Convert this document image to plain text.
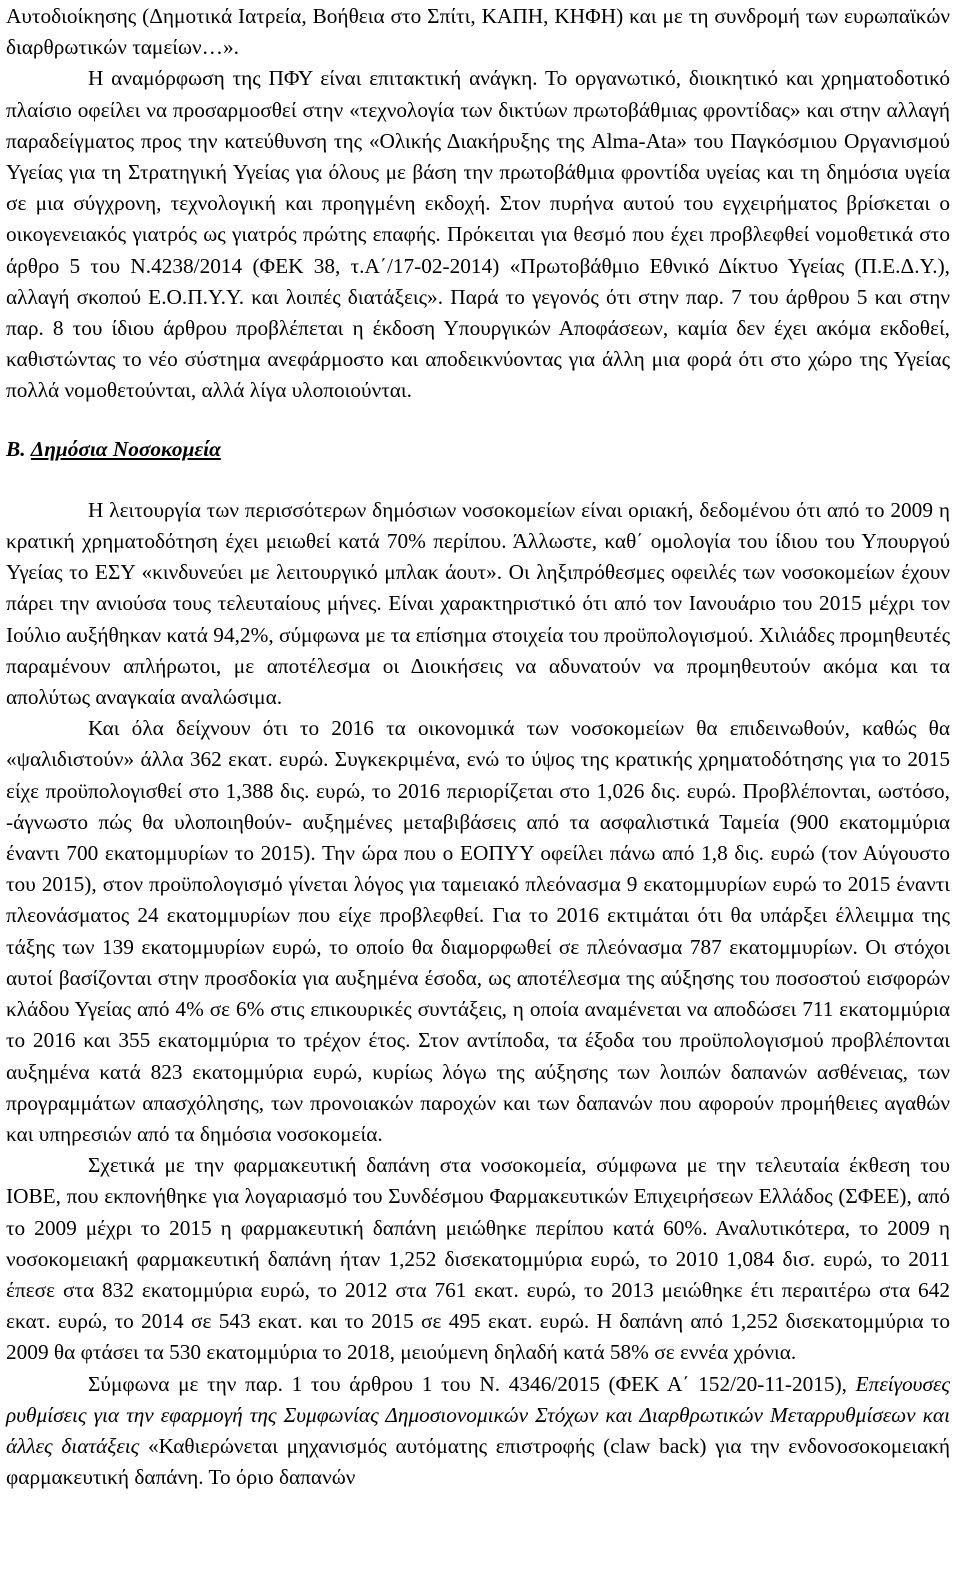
Αυτοδιοίκησης (Δημοτικά Ιατρεία, Βοήθεια στο Σπίτι, ΚΑΠΗ, ΚΗΦΗ) και με τη συνδρομή των ευρωπαϊκών διαρθρωτικών ταμείων…».

Η αναμόρφωση της ΠΦΥ είναι επιτακτική ανάγκη. Το οργανωτικό, διοικητικό και χρηματοδοτικό πλαίσιο οφείλει να προσαρμοσθεί στην «τεχνολογία των δικτύων πρωτοβάθμιας φροντίδας» και στην αλλαγή παραδείγματος προς την κατεύθυνση της «Ολικής Διακήρυξης της Alma-Ata» του Παγκόσμιου Οργανισμού Υγείας για τη Στρατηγική Υγείας για όλους με βάση την πρωτοβάθμια φροντίδα υγείας και τη δημόσια υγεία σε μια σύγχρονη, τεχνολογική και προηγμένη εκδοχή. Στον πυρήνα αυτού του εγχειρήματος βρίσκεται ο οικογενειακός γιατρός ως γιατρός πρώτης επαφής. Πρόκειται για θεσμό που έχει προβλεφθεί νομοθετικά στο άρθρο 5 του Ν.4238/2014 (ΦΕΚ 38, τ.Α΄/17-02-2014) «Πρωτοβάθμιο Εθνικό Δίκτυο Υγείας (Π.Ε.Δ.Υ.), αλλαγή σκοπού Ε.Ο.Π.Υ.Υ. και λοιπές διατάξεις». Παρά το γεγονός ότι στην παρ. 7 του άρθρου 5 και στην παρ. 8 του ίδιου άρθρου προβλέπεται η έκδοση Υπουργικών Αποφάσεων, καμία δεν έχει ακόμα εκδοθεί, καθιστώντας το νέο σύστημα ανεφάρμοστο και αποδεικνύοντας για άλλη μια φορά ότι στο χώρο της Υγείας πολλά νομοθετούνται, αλλά λίγα υλοποιούνται.

Β. Δημόσια Νοσοκομεία

Η λειτουργία των περισσότερων δημόσιων νοσοκομείων είναι οριακή, δεδομένου ότι από το 2009 η κρατική χρηματοδότηση έχει μειωθεί κατά 70% περίπου. Άλλωστε, καθ΄ ομολογία του ίδιου του Υπουργού Υγείας το ΕΣΥ «κινδυνεύει με λειτουργικό μπλακ άουτ». Οι ληξιπρόθεσμες οφειλές των νοσοκομείων έχουν πάρει την ανιούσα τους τελευταίους μήνες. Είναι χαρακτηριστικό ότι από τον Ιανουάριο του 2015 μέχρι τον Ιούλιο αυξήθηκαν κατά 94,2%, σύμφωνα με τα επίσημα στοιχεία του προϋπολογισμού. Χιλιάδες προμηθευτές παραμένουν απλήρωτοι, με αποτέλεσμα οι Διοικήσεις να αδυνατούν να προμηθευτούν ακόμα και τα απολύτως αναγκαία αναλώσιμα.

Και όλα δείχνουν ότι το 2016 τα οικονομικά των νοσοκομείων θα επιδεινωθούν, καθώς θα «ψαλιδιστούν» άλλα 362 εκατ. ευρώ. Συγκεκριμένα, ενώ το ύψος της κρατικής χρηματοδότησης για το 2015 είχε προϋπολογισθεί στο 1,388 δις. ευρώ, το 2016 περιορίζεται στο 1,026 δις. ευρώ. Προβλέπονται, ωστόσο, -άγνωστο πώς θα υλοποιηθούν- αυξημένες μεταβιβάσεις από τα ασφαλιστικά Ταμεία (900 εκατομμύρια έναντι 700 εκατομμυρίων το 2015). Την ώρα που ο ΕΟΠΥΥ οφείλει πάνω από 1,8 δις. ευρώ (τον Αύγουστο του 2015), στον προϋπολογισμό γίνεται λόγος για ταμειακό πλεόνασμα 9 εκατομμυρίων ευρώ το 2015 έναντι πλεονάσματος 24 εκατομμυρίων που είχε προβλεφθεί. Για το 2016 εκτιμάται ότι θα υπάρξει έλλειμμα της τάξης των 139 εκατομμυρίων ευρώ, το οποίο θα διαμορφωθεί σε πλεόνασμα 787 εκατομμυρίων. Οι στόχοι αυτοί βασίζονται στην προσδοκία για αυξημένα έσοδα, ως αποτέλεσμα της αύξησης του ποσοστού εισφορών κλάδου Υγείας από 4% σε 6% στις επικουρικές συντάξεις, η οποία αναμένεται να αποδώσει 711 εκατομμύρια το 2016 και 355 εκατομμύρια το τρέχον έτος. Στον αντίποδα, τα έξοδα του προϋπολογισμού προβλέπονται αυξημένα κατά 823 εκατομμύρια ευρώ, κυρίως λόγω της αύξησης των λοιπών δαπανών ασθένειας, των προγραμμάτων απασχόλησης, των προνοιακών παροχών και των δαπανών που αφορούν προμήθειες αγαθών και υπηρεσιών από τα δημόσια νοσοκομεία.

Σχετικά με την φαρμακευτική δαπάνη στα νοσοκομεία, σύμφωνα με την τελευταία έκθεση του ΙΟΒΕ, που εκπονήθηκε για λογαριασμό του Συνδέσμου Φαρμακευτικών Επιχειρήσεων Ελλάδος (ΣΦΕΕ), από το 2009 μέχρι το 2015 η φαρμακευτική δαπάνη μειώθηκε περίπου κατά 60%. Αναλυτικότερα, το 2009 η νοσοκομειακή φαρμακευτική δαπάνη ήταν 1,252 δισεκατομμύρια ευρώ, το 2010 1,084 δισ. ευρώ, το 2011 έπεσε στα 832 εκατομμύρια ευρώ, το 2012 στα 761 εκατ. ευρώ, το 2013 μειώθηκε έτι περαιτέρω στα 642 εκατ. ευρώ, το 2014 σε 543 εκατ. και το 2015 σε 495 εκατ. ευρώ. Η δαπάνη από 1,252 δισεκατομμύρια το 2009 θα φτάσει τα 530 εκατομμύρια το 2018, μειούμενη δηλαδή κατά 58% σε εννέα χρόνια.

Σύμφωνα με την παρ. 1 του άρθρου 1 του Ν. 4346/2015 (ΦΕΚ Α΄ 152/20-11-2015), Επείγουσες ρυθμίσεις για την εφαρμογή της Συμφωνίας Δημοσιονομικών Στόχων και Διαρθρωτικών Μεταρρυθμίσεων και άλλες διατάξεις «Καθιερώνεται μηχανισμός αυτόματης επιστροφής (claw back) για την ενδονοσοκομειακή φαρμακευτική δαπάνη. Το όριο δαπανών
